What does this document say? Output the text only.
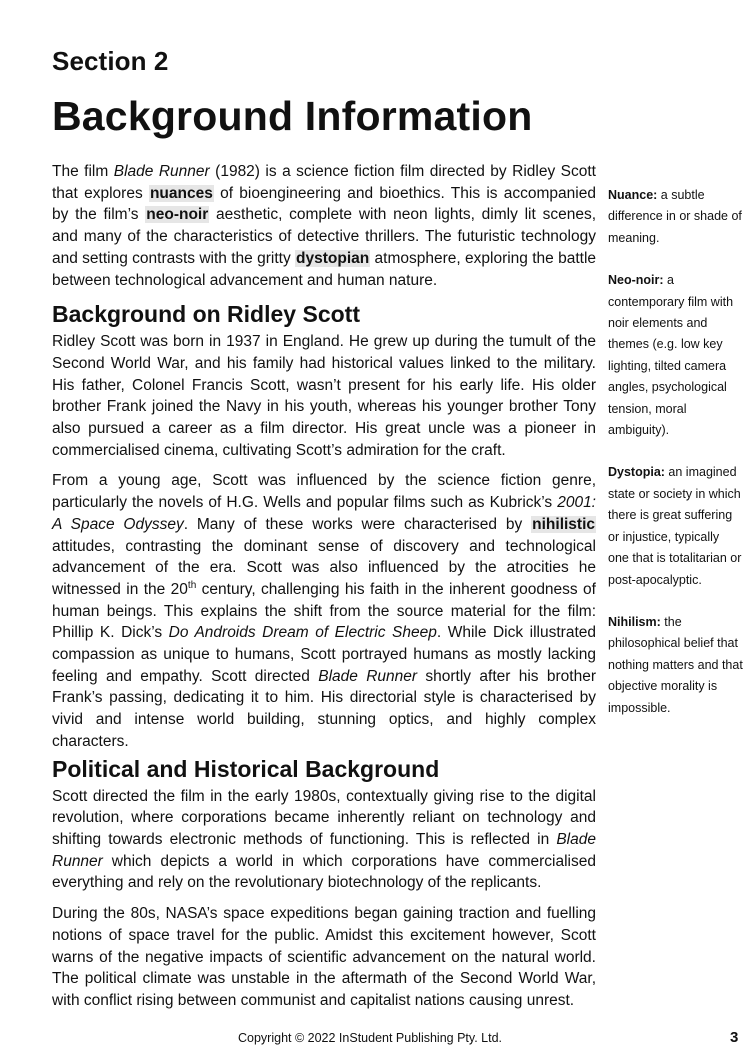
Section 2
Background Information

The film Blade Runner (1982) is a science fiction film directed by Ridley Scott that explores nuances of bioengineering and bioethics. This is accompanied by the film’s neo-noir aesthetic, complete with neon lights, dimly lit scenes, and many of the characteristics of detective thrillers. The futuristic technology and setting contrasts with the gritty dystopian atmosphere, exploring the battle between technological advancement and human nature.

Background on Ridley Scott

Ridley Scott was born in 1937 in England. He grew up during the tumult of the Second World War, and his family had historical values linked to the military. His father, Colonel Francis Scott, wasn’t present for his early life. His older brother Frank joined the Navy in his youth, whereas his younger brother Tony also pursued a career as a film director. His great uncle was a pioneer in commercialised cinema, cultivating Scott’s admiration for the craft.

From a young age, Scott was influenced by the science fiction genre, particularly the novels of H.G. Wells and popular films such as Kubrick’s 2001: A Space Odyssey. Many of these works were characterised by nihilistic attitudes, contrasting the dominant sense of discovery and technological advancement of the era. Scott was also influenced by the atrocities he witnessed in the 20th century, challenging his faith in the inherent goodness of human beings. This explains the shift from the source material for the film: Phillip K. Dick’s Do Androids Dream of Electric Sheep. While Dick illustrated compassion as unique to humans, Scott portrayed humans as mostly lacking feeling and empathy. Scott directed Blade Runner shortly after his brother Frank’s passing, dedicating it to him. His directorial style is characterised by vivid and intense world building, stunning optics, and highly complex characters.

Political and Historical Background

Scott directed the film in the early 1980s, contextually giving rise to the digital revolution, where corporations became inherently reliant on technology and shifting towards electronic methods of functioning. This is reflected in Blade Runner which depicts a world in which corporations have commercialised everything and rely on the revolutionary biotechnology of the replicants.

During the 80s, NASA’s space expeditions began gaining traction and fuelling notions of space travel for the public. Amidst this excitement however, Scott warns of the negative impacts of scientific advancement on the natural world. The political climate was unstable in the aftermath of the Second World War, with conflict rising between communist and capitalist nations causing unrest.

Nuance: a subtle difference in or shade of meaning.

Neo-noir: a contemporary film with noir elements and themes (e.g. low key lighting, tilted camera angles, psychological tension, moral ambiguity).

Dystopia: an imagined state or society in which there is great suffering or injustice, typically one that is totalitarian or post-apocalyptic.

Nihilism: the philosophical belief that nothing matters and that objective morality is impossible.

Copyright © 2022 InStudent Publishing Pty. Ltd.	3
